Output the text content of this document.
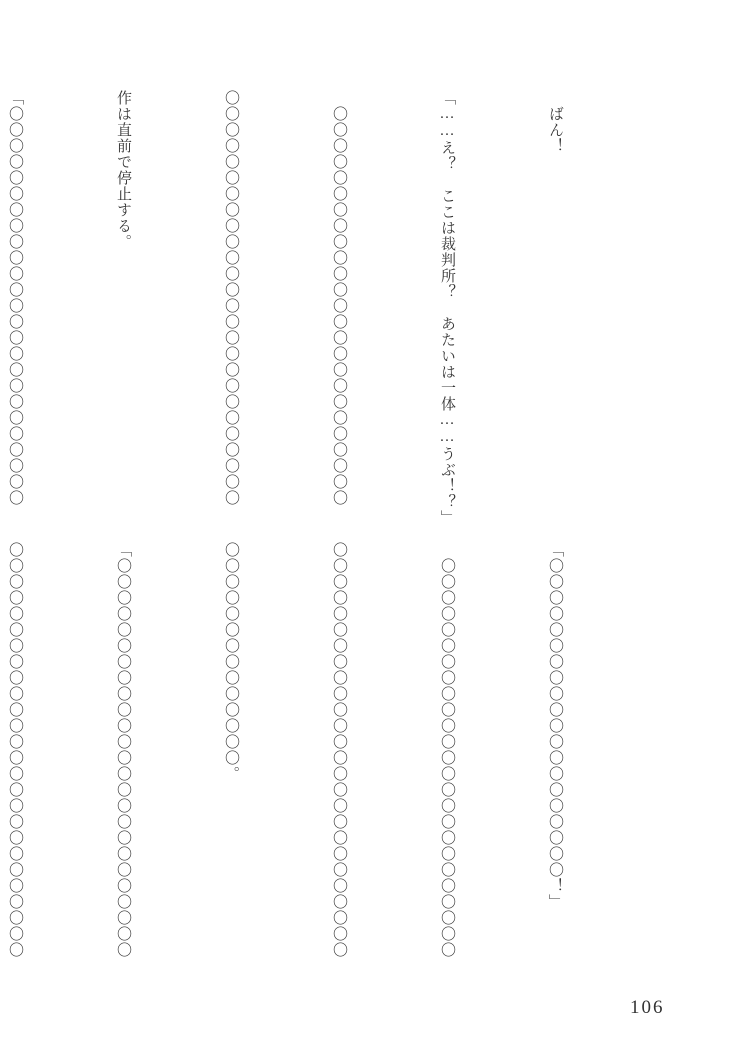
　ばん！

「……え？　ここは裁判所？　あたいは一体……うぶ！？」

　〇〇〇〇〇〇〇〇〇〇〇〇〇〇〇〇〇〇〇〇〇〇〇〇〇

〇〇〇〇〇〇〇〇〇〇〇〇〇〇〇〇〇〇〇〇〇〇〇〇〇〇

作は直前で停止する。

「〇〇〇〇〇〇〇〇〇〇〇〇〇〇〇〇〇〇〇〇〇〇〇〇〇

「〇〇〇〇〇〇〇〇〇〇〇〇〇〇〇〇〇〇〇〇！」

　〇〇〇〇〇〇〇〇〇〇〇〇〇〇〇〇〇〇〇〇〇〇〇〇〇

〇〇〇〇〇〇〇〇〇〇〇〇〇〇〇〇〇〇〇〇〇〇〇〇〇〇

〇〇〇〇〇〇〇〇〇〇〇〇〇〇。

「〇〇〇〇〇〇〇〇〇〇〇〇〇〇〇〇〇〇〇〇〇〇〇〇〇

〇〇〇〇〇〇〇〇〇〇〇〇〇〇〇〇〇〇〇〇〇〇〇〇〇〇

106
